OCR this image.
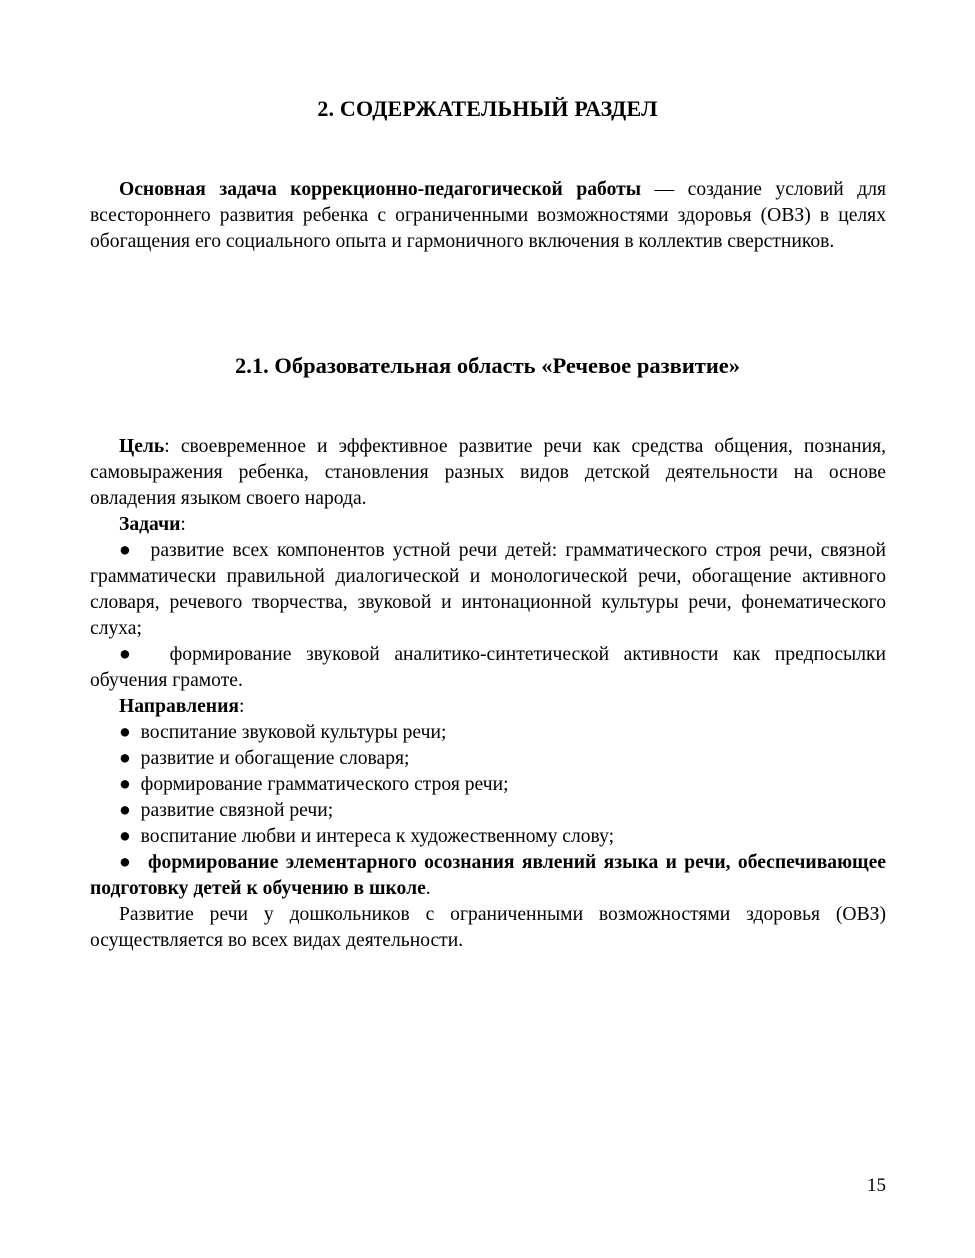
2. СОДЕРЖАТЕЛЬНЫЙ РАЗДЕЛ

Основная задача коррекционно-педагогической работы — создание условий для всестороннего развития ребенка с ограниченными возможностями здоровья (ОВЗ) в целях обогащения его социального опыта и гармоничного включения в коллектив сверстников.

2.1. Образовательная область «Речевое развитие»

Цель: своевременное и эффективное развитие речи как средства общения, познания, самовыражения ребенка, становления разных видов детской деятельности на основе овладения языком своего народа.

Задачи:

● развитие всех компонентов устной речи детей: грамматического строя речи, связной грамматически правильной диалогической и монологической речи, обогащение активного словаря, речевого творчества, звуковой и интонационной культуры речи, фонематического слуха;

● формирование звуковой аналитико-синтетической активности как предпосылки обучения грамоте.

Направления:

● воспитание звуковой культуры речи;

● развитие и обогащение словаря;

● формирование грамматического строя речи;

● развитие связной речи;

● воспитание любви и интереса к художественному слову;

● формирование элементарного осознания явлений языка и речи, обеспечивающее подготовку детей к обучению в школе.

Развитие речи у дошкольников с ограниченными возможностями здоровья (ОВЗ) осуществляется во всех видах деятельности.

15
